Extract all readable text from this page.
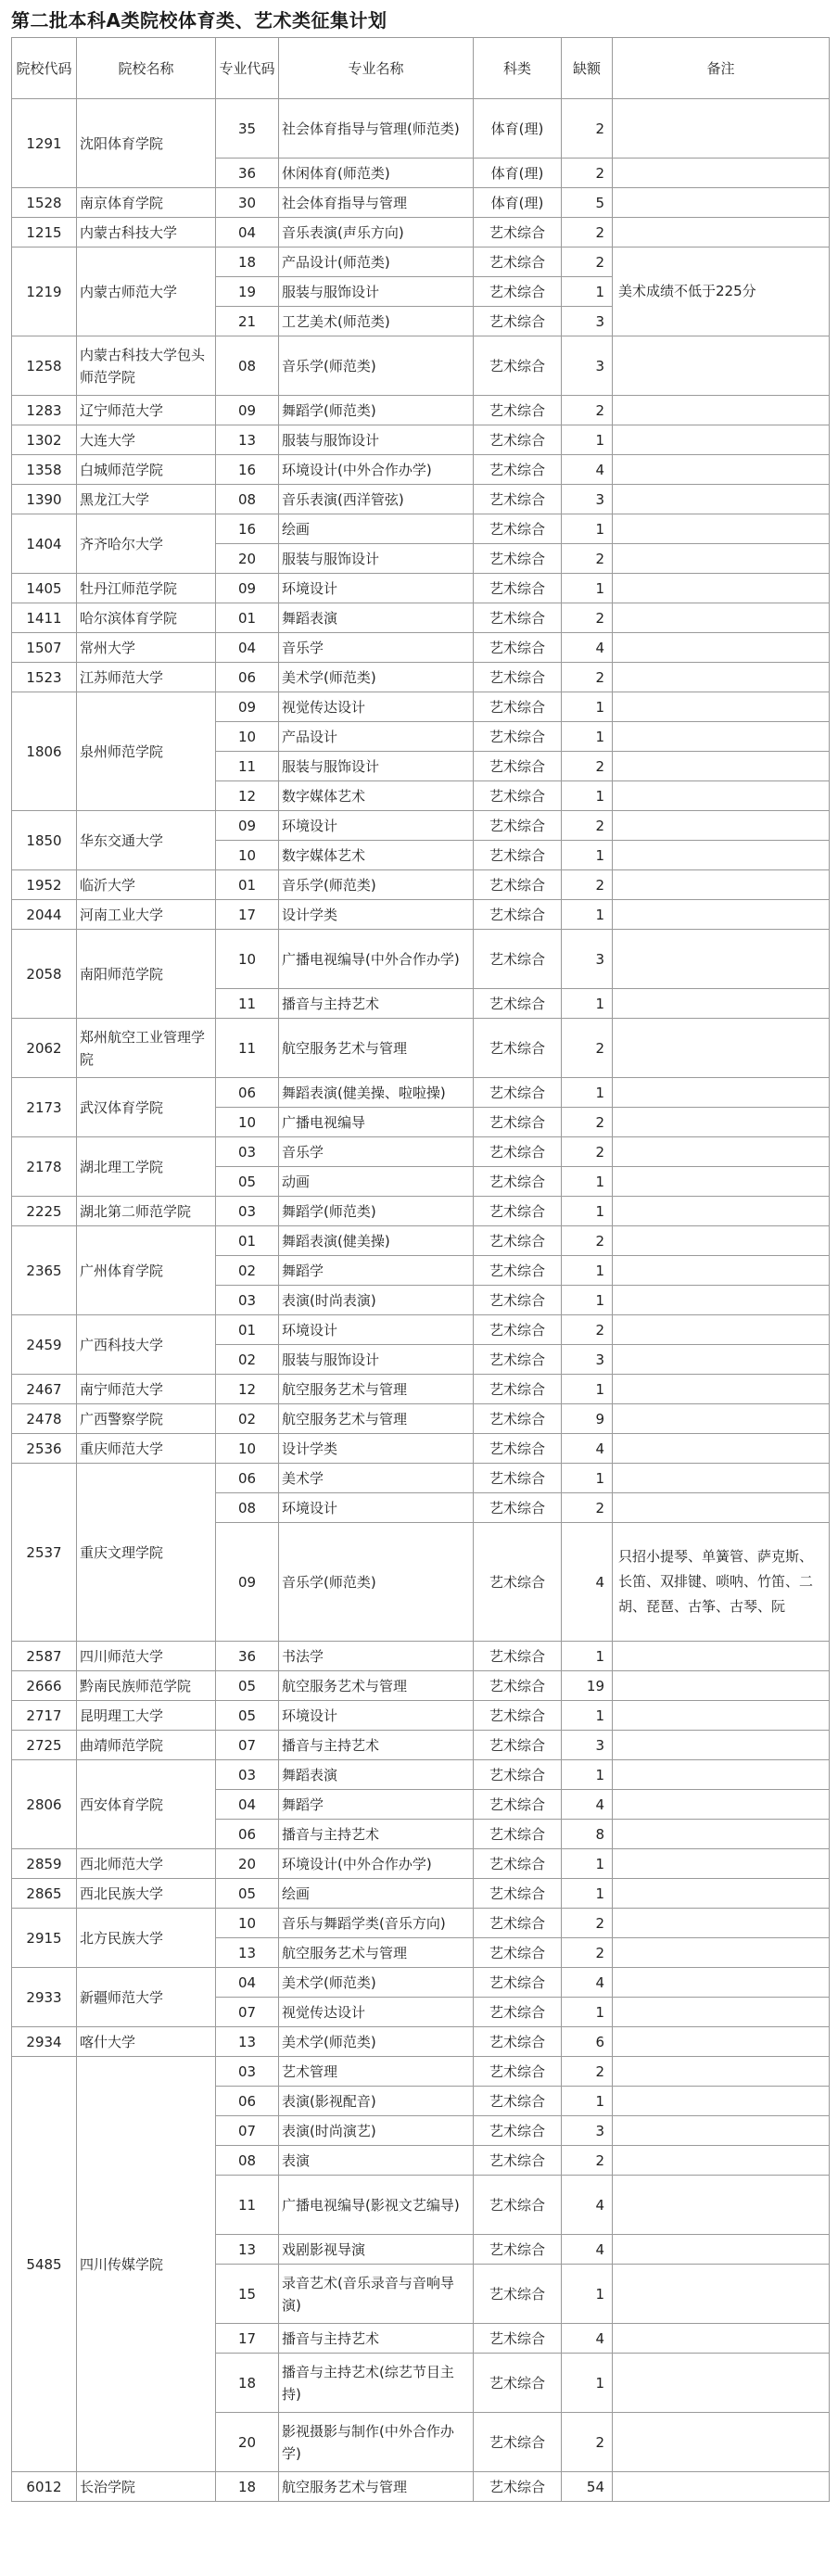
第二批本科A类院校体育类、艺术类征集计划
院校代码	院校名称	专业代码	专业名称	科类	缺额	备注
1291	沈阳体育学院	35	社会体育指导与管理(师范类)	体育(理)	2	
		36	休闲体育(师范类)	体育(理)	2	
1528	南京体育学院	30	社会体育指导与管理	体育(理)	5	
1215	内蒙古科技大学	04	音乐表演(声乐方向)	艺术综合	2	
1219	内蒙古师范大学	18	产品设计(师范类)	艺术综合	2	美术成绩不低于225分
		19	服装与服饰设计	艺术综合	1	
		21	工艺美术(师范类)	艺术综合	3	
1258	内蒙古科技大学包头师范学院	08	音乐学(师范类)	艺术综合	3	
1283	辽宁师范大学	09	舞蹈学(师范类)	艺术综合	2	
1302	大连大学	13	服装与服饰设计	艺术综合	1	
1358	白城师范学院	16	环境设计(中外合作办学)	艺术综合	4	
1390	黑龙江大学	08	音乐表演(西洋管弦)	艺术综合	3	
1404	齐齐哈尔大学	16	绘画	艺术综合	1	
		20	服装与服饰设计	艺术综合	2	
1405	牡丹江师范学院	09	环境设计	艺术综合	1	
1411	哈尔滨体育学院	01	舞蹈表演	艺术综合	2	
1507	常州大学	04	音乐学	艺术综合	4	
1523	江苏师范大学	06	美术学(师范类)	艺术综合	2	
1806	泉州师范学院	09	视觉传达设计	艺术综合	1	
		10	产品设计	艺术综合	1	
		11	服装与服饰设计	艺术综合	2	
		12	数字媒体艺术	艺术综合	1	
1850	华东交通大学	09	环境设计	艺术综合	2	
		10	数字媒体艺术	艺术综合	1	
1952	临沂大学	01	音乐学(师范类)	艺术综合	2	
2044	河南工业大学	17	设计学类	艺术综合	1	
2058	南阳师范学院	10	广播电视编导(中外合作办学)	艺术综合	3	
		11	播音与主持艺术	艺术综合	1	
2062	郑州航空工业管理学院	11	航空服务艺术与管理	艺术综合	2	
2173	武汉体育学院	06	舞蹈表演(健美操、啦啦操)	艺术综合	1	
		10	广播电视编导	艺术综合	2	
2178	湖北理工学院	03	音乐学	艺术综合	2	
		05	动画	艺术综合	1	
2225	湖北第二师范学院	03	舞蹈学(师范类)	艺术综合	1	
2365	广州体育学院	01	舞蹈表演(健美操)	艺术综合	2	
		02	舞蹈学	艺术综合	1	
		03	表演(时尚表演)	艺术综合	1	
2459	广西科技大学	01	环境设计	艺术综合	2	
		02	服装与服饰设计	艺术综合	3	
2467	南宁师范大学	12	航空服务艺术与管理	艺术综合	1	
2478	广西警察学院	02	航空服务艺术与管理	艺术综合	9	
2536	重庆师范大学	10	设计学类	艺术综合	4	
2537	重庆文理学院	06	美术学	艺术综合	1	
		08	环境设计	艺术综合	2	
		09	音乐学(师范类)	艺术综合	4	只招小提琴、单簧管、萨克斯、长笛、双排键、唢呐、竹笛、二胡、琵琶、古筝、古琴、阮
2587	四川师范大学	36	书法学	艺术综合	1	
2666	黔南民族师范学院	05	航空服务艺术与管理	艺术综合	19	
2717	昆明理工大学	05	环境设计	艺术综合	1	
2725	曲靖师范学院	07	播音与主持艺术	艺术综合	3	
2806	西安体育学院	03	舞蹈表演	艺术综合	1	
		04	舞蹈学	艺术综合	4	
		06	播音与主持艺术	艺术综合	8	
2859	西北师范大学	20	环境设计(中外合作办学)	艺术综合	1	
2865	西北民族大学	05	绘画	艺术综合	1	
2915	北方民族大学	10	音乐与舞蹈学类(音乐方向)	艺术综合	2	
		13	航空服务艺术与管理	艺术综合	2	
2933	新疆师范大学	04	美术学(师范类)	艺术综合	4	
		07	视觉传达设计	艺术综合	1	
2934	喀什大学	13	美术学(师范类)	艺术综合	6	
5485	四川传媒学院	03	艺术管理	艺术综合	2	
		06	表演(影视配音)	艺术综合	1	
		07	表演(时尚演艺)	艺术综合	3	
		08	表演	艺术综合	2	
		11	广播电视编导(影视文艺编导)	艺术综合	4	
		13	戏剧影视导演	艺术综合	4	
		15	录音艺术(音乐录音与音响导演)	艺术综合	1	
		17	播音与主持艺术	艺术综合	4	
		18	播音与主持艺术(综艺节目主持)	艺术综合	1	
		20	影视摄影与制作(中外合作办学)	艺术综合	2	
6012	长治学院	18	航空服务艺术与管理	艺术综合	54	
